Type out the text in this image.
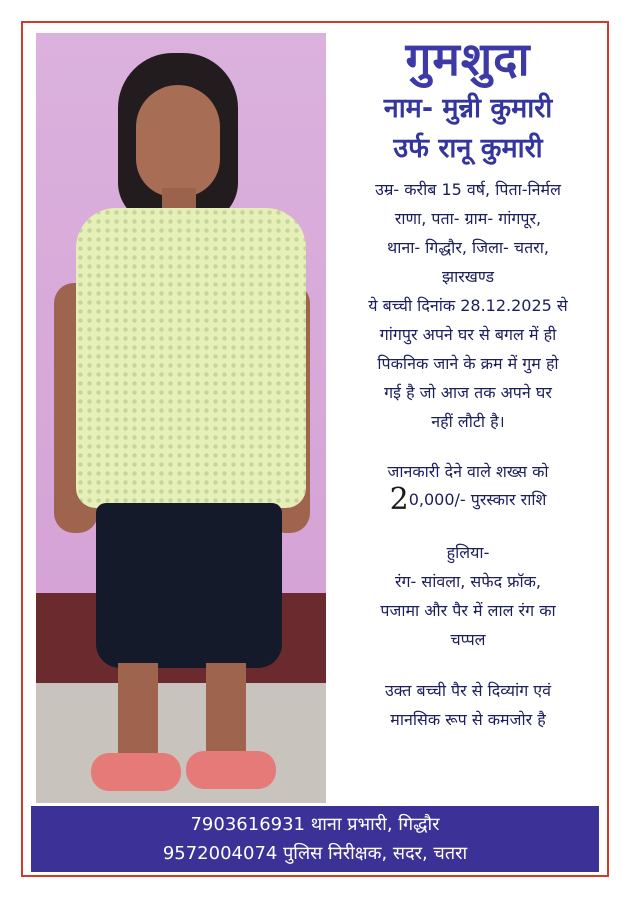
गुमशुदा
नाम- मुन्नी कुमारी
उर्फ रानू कुमारी
उम्र- करीब 15 वर्ष, पिता-निर्मल
राणा, पता- ग्राम- गांगपूर,
थाना- गिद्धौर, जिला- चतरा,
झारखण्ड
ये बच्ची दिनांक 28.12.2025 से
गांगपुर अपने घर से बगल में ही
पिकनिक जाने के क्रम में गुम हो
गई है जो आज तक अपने घर
नहीं लौटी है।
जानकारी देने वाले शख्स को
20,000/- पुरस्कार राशि
हुलिया-
रंग- सांवला, सफेद फ्रॉक,
पजामा और पैर में लाल रंग का
चप्पल
उक्त बच्ची पैर से दिव्यांग एवं
मानसिक रूप से कमजोर है
7903616931 थाना प्रभारी, गिद्धौर
9572004074 पुलिस निरीक्षक, सदर, चतरा
